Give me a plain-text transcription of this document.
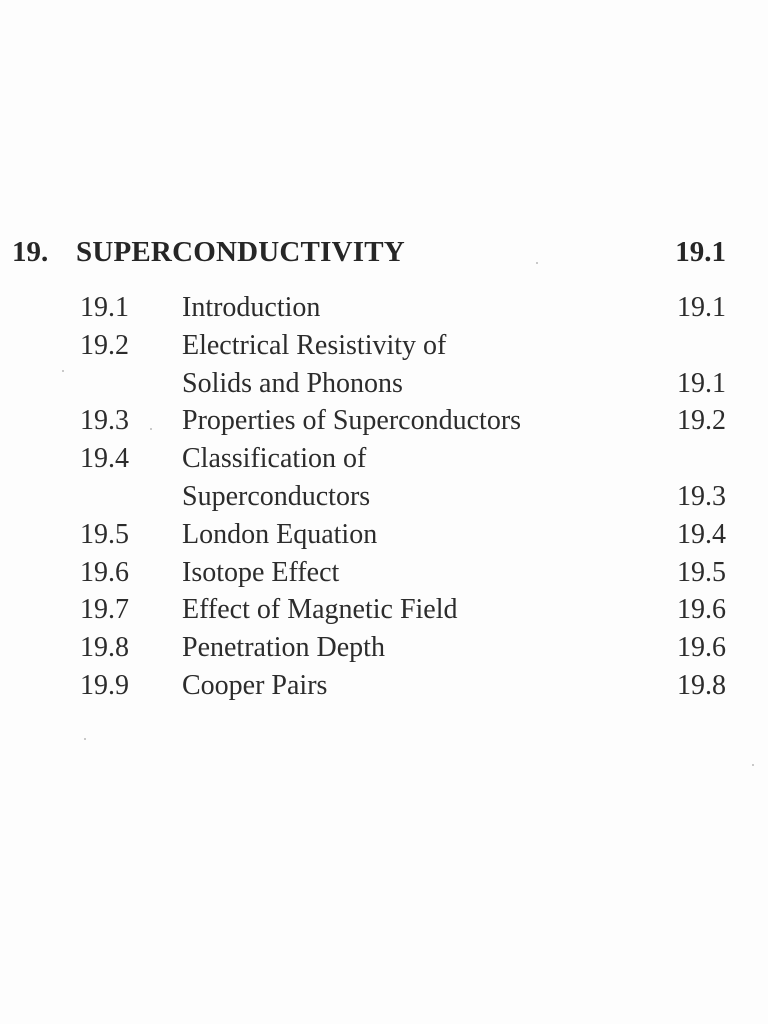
19. SUPERCONDUCTIVITY	19.1
19.1 Introduction	19.1
19.2 Electrical Resistivity of
Solids and Phonons	19.1
19.3 Properties of Superconductors	19.2
19.4 Classification of
Superconductors	19.3
19.5 London Equation	19.4
19.6 Isotope Effect	19.5
19.7 Effect of Magnetic Field	19.6
19.8 Penetration Depth	19.6
19.9 Cooper Pairs	19.8
